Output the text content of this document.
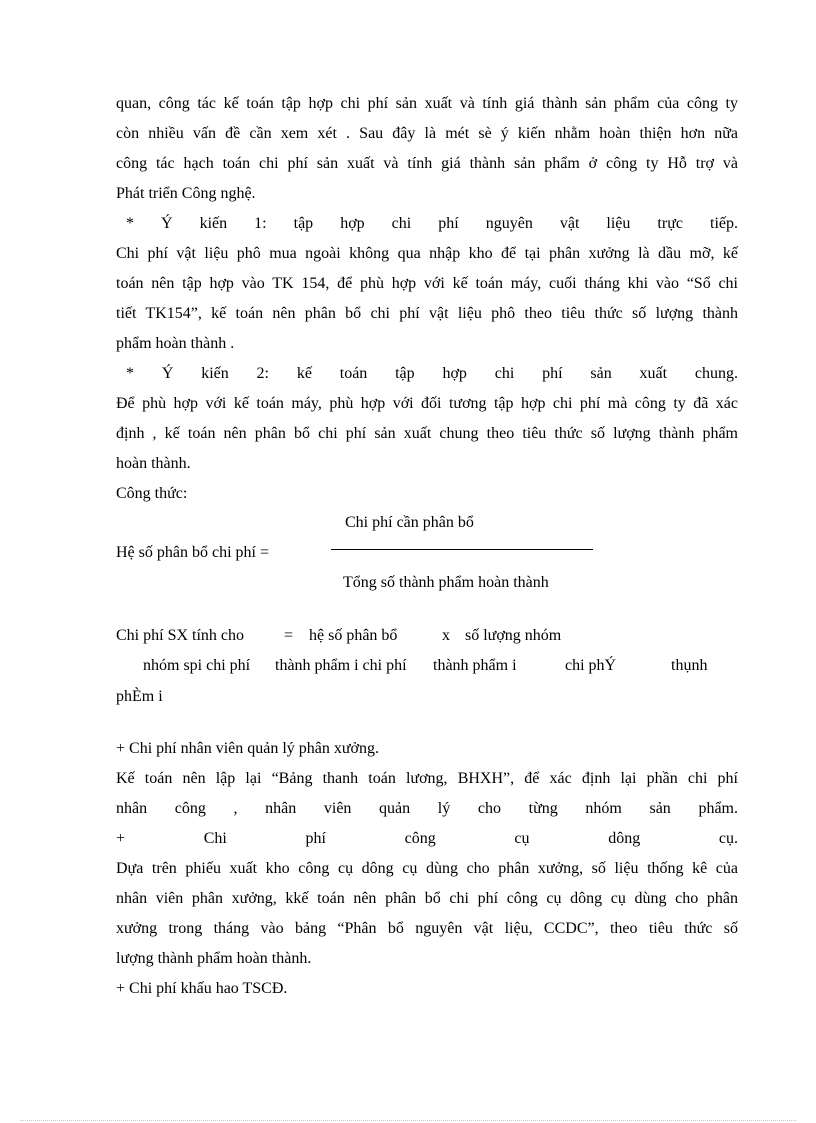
quan, công tác kế toán tập hợp chi phí sản xuất và tính giá thành sản phẩm của công ty
còn nhiều vấn đề cần xem xét . Sau đây là mét sè ý kiến nhằm hoàn thiện hơn nữa
công tác hạch toán chi phí sản xuất và tính giá thành sản phẩm ở công ty Hỗ trợ và
Phát triển Công nghệ.
* Ý kiến 1: tập hợp chi phí nguyên vật liệu trực tiếp.
Chi phí vật liệu phô mua ngoài không qua nhập kho để tại phân xưởng là dầu mỡ, kế
toán nên tập hợp vào TK 154, để phù hợp với kế toán máy, cuối tháng khi vào “Sổ chi
tiết TK154”, kế toán nên phân bổ chi phí vật liệu phô theo tiêu thức số lượng thành
phẩm hoàn thành .
* Ý kiến 2: kế toán tập hợp chi phí sản xuất chung.
Để phù hợp với kế toán máy, phù hợp với đối tương tập hợp chi phí mà công ty đã xác
định , kế toán nên phân bổ chi phí sản xuất chung theo tiêu thức số lượng thành phẩm
hoàn thành.
Công thức:
Chi phí cần phân bổ
Hệ số phân bổ chi phí =
Tổng số thành phẩm hoàn thành
Chi phí SX tính cho = hệ số phân bổ	x số lượng nhóm
nhóm spi chi phí thành phẩm i chi phí thành phẩm i	chi phÝ	thụnh
phÈm i
+ Chi phí nhân viên quản lý phân xưởng.
Kế toán nên lập lại “Bảng thanh toán lương, BHXH”, để xác định lại phần chi phí
nhân công , nhân viên quản lý cho từng nhóm sản phẩm.
+ Chi phí công cụ dông cụ.
Dựa trên phiếu xuất kho công cụ dông cụ dùng cho phân xưởng, số liệu thống kê của
nhân viên phân xưởng, kkế toán nên phân bổ chi phí công cụ dông cụ dùng cho phân
xưởng trong tháng vào bảng “Phân bổ nguyên vật liệu, CCDC”, theo tiêu thức số
lượng thành phẩm hoàn thành.
+ Chi phí khấu hao TSCĐ.
